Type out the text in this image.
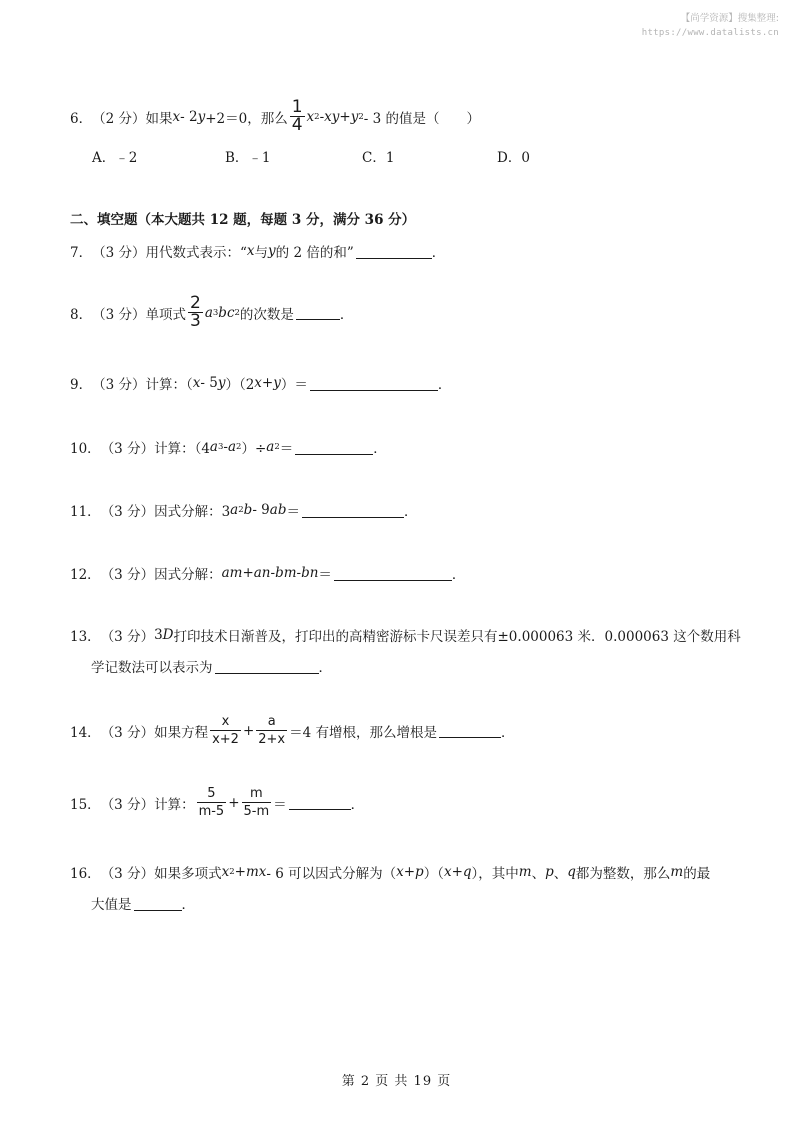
【尚学资源】搜集整理:
https://www.datalists.cn
6． （2 分） 如果 x - 2 y +2＝0，那么 $\frac{1}{4}$ x 2 - xy + y 2 - 3 的值是（　　）
A．﹣2	B．﹣1	C．1	D．0
二、填空题（本大题共 12 题，每题 3 分，满分 36 分）
7． （3 分） 用代数式表示：“ x 与 y 的 2 倍的和”	．
8． （3 分） 单项式 $\frac{2}{3}$ a 3 bc 2 的次数是	．
9． （3 分） 计算：（ x - 5 y ）（2 x + y ）＝	．
10． （3 分） 计算：（4 a 3 - a 2 ）÷ a 2 ＝	．
11． （3 分） 因式分解：3 a 2 b - 9 ab ＝	．
12． （3 分） 因式分解： am + an - bm - bn ＝	．
13． （3 分） 3 D 打印技术日渐普及，打印出的高精密游标卡尺误差只有±0.000063 米．0.000063 这个数用科
学记数法可以表示为	．
14． （3 分） 如果方程 $\frac{x}{x+2} + \frac{a}{2+x} =4$ 有增根，那么增根是	．
15． （3 分） 计算： $\frac{5}{m-5} + \frac{m}{5-m}$ ＝	．
16． （3 分） 如果多项式 x 2 + mx - 6 可以因式分解为（ x + p ）（ x + q ），其中 m 、 p 、 q 都为整数，那么 m 的最
大值是	．
第 2 页 共 19 页
